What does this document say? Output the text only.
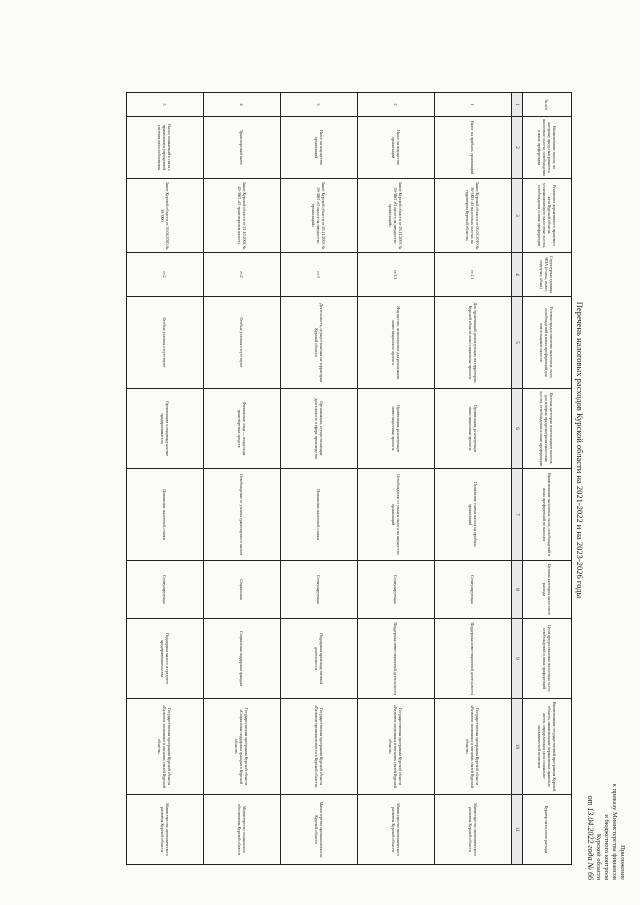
Приложение
к приказу Министерства финансов
и бюджетного контроля
Курской области
от 13.04.2022 года № 66
Перечень налоговых расходов Курской области на 2021-2022 и на 2023-2026 годы
№ п/п	Наименование налога, по которому предусматриваются налоговые льготы, освобождения и иные преференции	Реквизиты нормативного правового акта Курской области, устанавливающего налоговые льготы, освобождения и иные преференции	Структурная единица НПА (статья, пункт, подпункт, абзац)	Условия предоставления налоговых льгот, освобождений и иных преференций для плательщиков налогов	Целевая категория плательщиков налогов, для которых предусмотрены налоговые льготы, освобождения и иные преференции	Наименование налоговых льгот, освобождений и иных преференций по налогам	Целевая категория налогового расхода	Цели предоставления налоговых льгот, освобождений и иных преференций	Наименование государственной программы Курской области, наименование нормативных правовых актов, определяющих цели социально-экономической политики	Куратор налогового расхода
1	2	3	4	5	6	7	8	9	10	11
1	Налог на прибыль организаций	Закон Курской области от 05.05.2010 № 30-ЗКО «О налоговых льготах на территории Курской области»	ст.1.1	Для организаций, реализующих на территории Курской области инвестиционные проекты	Организации, реализующие инвестиционные проекты	Понижение ставки налога на прибыль организаций	Стимулирующая	Поддержка инвестиционной деятельности	Государственная программа Курской области «Развитие экономики и внешних связей Курской области»	Министерство экономического развития Курской области
2	Налог на имущество организаций	Закон Курской области от 26.11.2003 № 59-ЗКО «О налоге на имущество организаций»	ст.1.1	Имущество, используемое для реализации инвестиционного проекта	Организации, реализующие инвестиционные проекты	Освобождение от уплаты налога на имущество организаций	Стимулирующая	Поддержка инвестиционной деятельности	Государственная программа Курской области «Развитие экономики и внешних связей Курской области»	Министерство экономического развития Курской области
3	Налог на имущество организаций	Закон Курской области от 26.11.2003 № 59-ЗКО «О налоге на имущество организаций»	ст.3	Деятельность, осуществляемая на территории Курской области	Организации, осуществляющие деятельность в сфере производства	Понижение налоговой ставки	Стимулирующая	Поддержка производственной деятельности	Государственная программа Курской области «Развитие промышленности в Курской области»	Министерство промышленности Курской области
4	Транспортный налог	Закон Курской области от 21.10.2002 № 43-ЗКО «О транспортном налоге»	ст.2	Особые условия отсутствуют	Физические лица — владельцы транспортных средств	Освобождение от уплаты транспортного налога	Социальная	Социальная поддержка граждан	Государственная программа Курской области «Социальная поддержка граждан в Курской области»	Министерство социального обеспечения Курской области
5	Налог, взимаемый в связи с применением упрощенной системы налогообложения	Закон Курской области от 30.04.2020 № 30-ЗКО	ст.2	Особые условия отсутствуют	Организации и индивидуальные предприниматели	Понижение налоговой ставки	Стимулирующая	Поддержка малого и среднего предпринимательства	Государственная программа Курской области «Развитие экономики и внешних связей Курской области»	Министерство экономического развития Курской области
